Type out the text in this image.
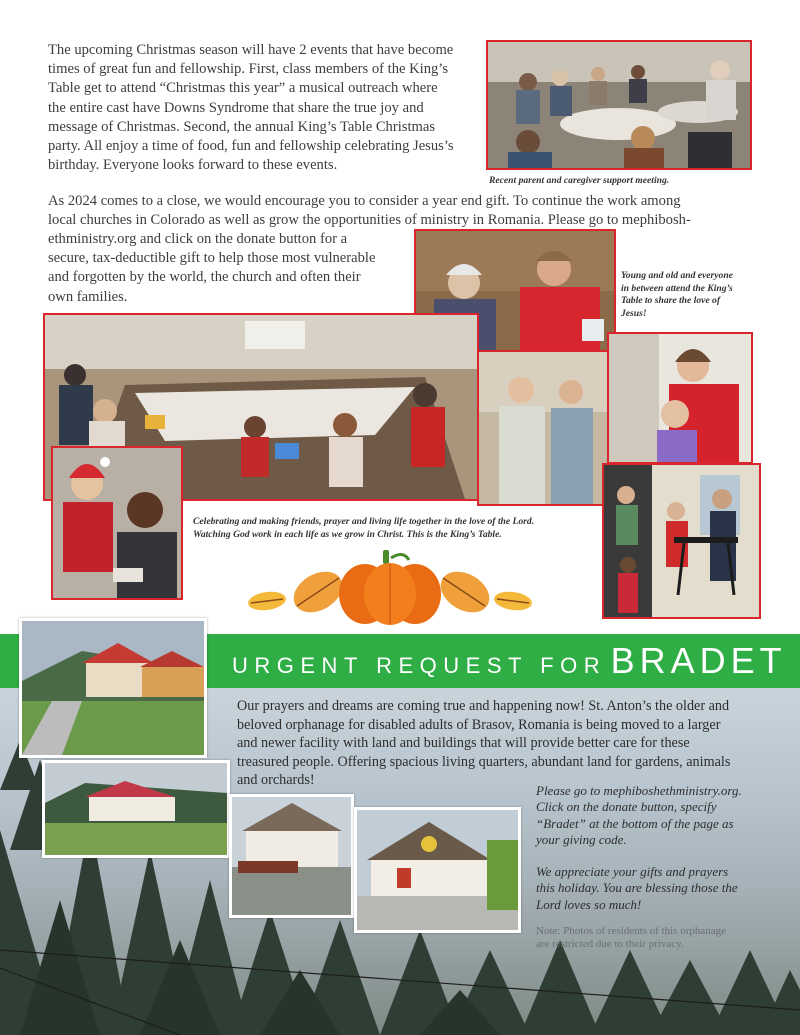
The upcoming Christmas season will have 2 events that have become
times of great fun and fellowship. First, class members of the King’s
Table get to attend “Christmas this year” a musical outreach where
the entire cast have Downs Syndrome that share the true joy and
message of Christmas. Second, the annual King’s Table Christmas
party. All enjoy a time of food, fun and fellowship celebrating Jesus’s
birthday. Everyone looks forward to these events.
Recent parent and caregiver support meeting.
As 2024 comes to a close, we would encourage you to consider a year end gift. To continue the work among
local churches in Colorado as well as grow the opportunities of ministry in Romania. Please go to mephibosh-
ethministry.org and click on the donate button for a
secure, tax-deductible gift to help those most vulnerable
and forgotten by the world, the church and often their
own families.
Young and old and everyone
in between attend the King’s
Table to share the love of
Jesus!
Celebrating and making friends, prayer and living life together in the love of the Lord.
Watching God work in each life as we grow in Christ. This is the King’s Table.
URGENT REQUEST FOR BRADET
Our prayers and dreams are coming true and happening now! St. Anton’s the older and
beloved orphanage for disabled adults of Brasov, Romania is being moved to a larger
and newer facility with land and buildings that will provide better care for these
treasured people. Offering spacious living quarters, abundant land for gardens, animals
and orchards!
Please go to mephiboshethministry.org.
Click on the donate button, specify
“Bradet” at the bottom of the page as
your giving code.
We appreciate your gifts and prayers
this holiday. You are blessing those the
Lord loves so much!
Note: Photos of residents of this orphanage
are restricted due to their privacy.
